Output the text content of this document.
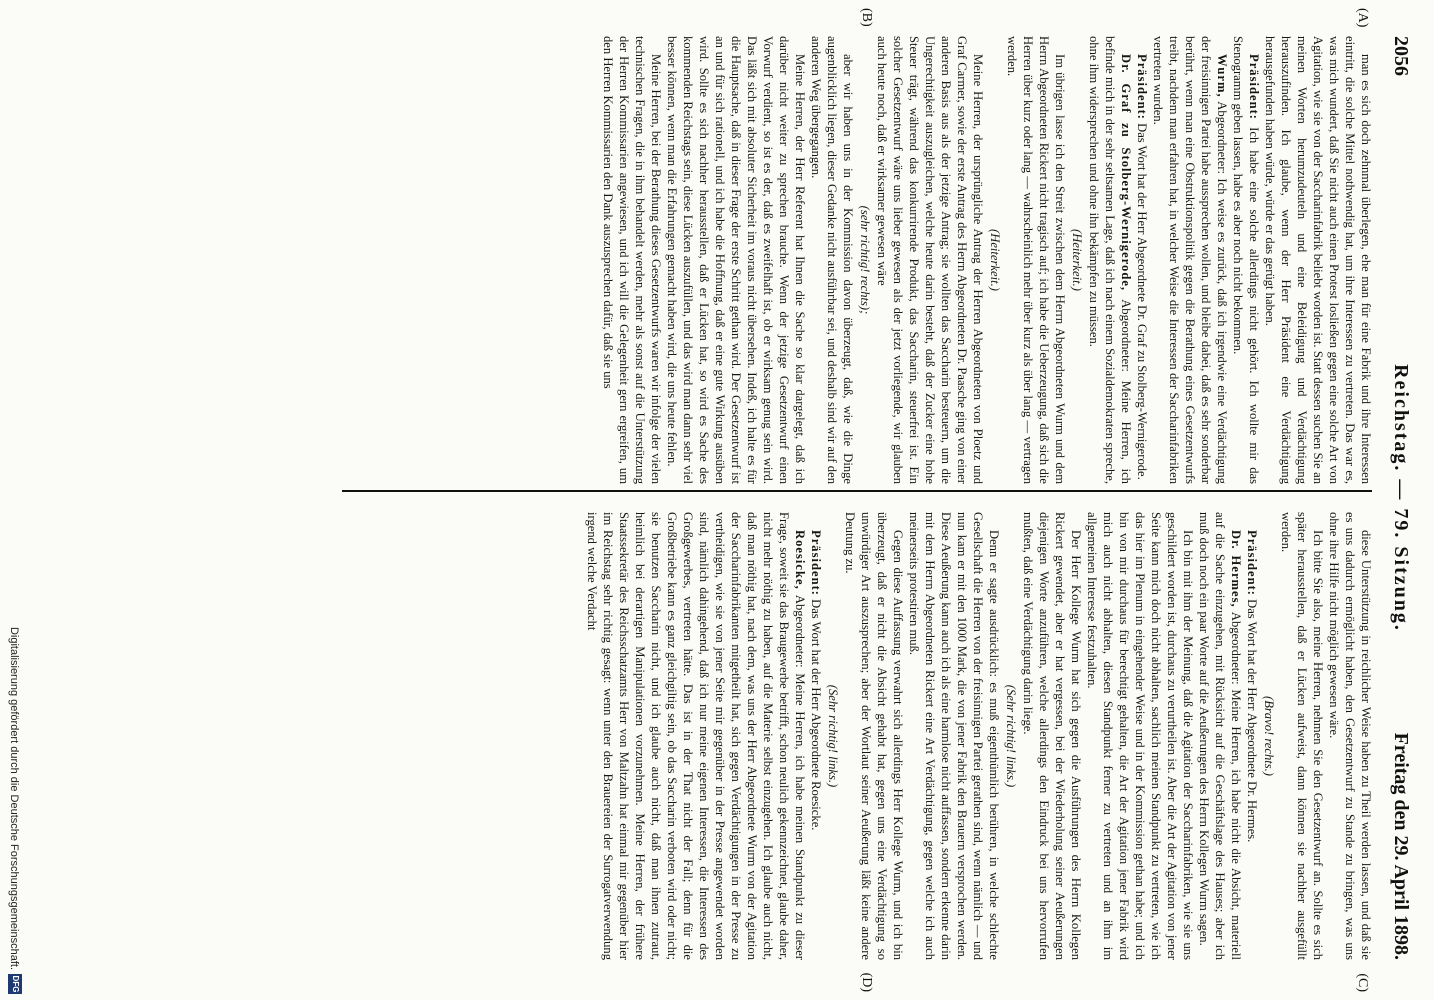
2056
Reichstag. — 79. Sitzung.
Freitag den 29. April 1898.
(A)
(B)
(C)
(D)

man es sich doch zehnmal überlegen, ehe man für eine Fabrik und ihre Interessen eintritt, die solche Mittel nothwendig hat, um ihre Interessen zu vertreten. Das war es, was mich wundert, daß Sie nicht auch einen Protest losließen gegen eine solche Art von Agitation, wie sie von der Saccharinfabrik beliebt worden ist. Statt dessen suchen Sie an meinen Worten herumzudeuteln und eine Beleidigung und Verdächtigung herauszufinden. Ich glaube, wenn der Herr Präsident eine Verdächtigung herausgefunden haben würde, würde er das gerügt haben.

Präsident: Ich habe eine solche allerdings nicht gehört. Ich wollte mir das Stenogramm geben lassen, habe es aber noch nicht bekommen.

Wurm, Abgeordneter: Ich weise es zurück, daß ich irgendwie eine Verdächtigung der freisinnigen Partei habe aussprechen wollen, und bleibe dabei, daß es sehr sonderbar berührt, wenn man eine Obstruktionspolitik gegen die Berathung eines Gesetzentwurfs treibt, nachdem man erfahren hat, in welcher Weise die Interessen der Saccharinfabriken vertreten wurden.

Präsident: Das Wort hat der Herr Abgeordnete Dr. Graf zu Stolberg-Wernigerode.

Dr. Graf zu Stolberg-Wernigerode, Abgeordneter: Meine Herren, ich befinde mich in der sehr seltsamen Lage, daß ich nach einem Sozialdemokraten spreche, ohne ihm widersprechen und ohne ihn bekämpfen zu müssen.

(Heiterkeit.)

Im übrigen lasse ich den Streit zwischen dem Herrn Abgeordneten Wurm und dem Herrn Abgeordneten Rickert nicht tragisch auf; ich habe die Ueberzeugung, daß sich die Herren über kurz oder lang — wahrscheinlich mehr über kurz als über lang — vertragen werden.

(Heiterkeit.)

Meine Herren, der ursprüngliche Antrag der Herren Abgeordneten von Ploetz und Graf Carmer, sowie der erste Antrag des Herrn Abgeordneten Dr. Paasche ging von einer anderen Basis aus als der jetzige Antrag; sie wollten das Saccharin besteuern, um die Ungerechtigkeit auszugleichen, welche heute darin besteht, daß der Zucker eine hohe Steuer trägt, während das konkurrirende Produkt, das Saccharin, steuerfrei ist. Ein solcher Gesetzentwurf wäre uns lieber gewesen als der jetzt vorliegende, wir glauben auch heute noch, daß er wirksamer gewesen wäre

(sehr richtig! rechts);

aber wir haben uns in der Kommission davon überzeugt, daß, wie die Dinge augenblicklich liegen, dieser Gedanke nicht ausführbar sei, und deshalb sind wir auf den anderen Weg übergegangen.

Meine Herren, der Herr Referent hat Ihnen die Sache so klar dargelegt, daß ich darüber nicht weiter zu sprechen brauche. Wenn der jetzige Gesetzentwurf einen Vorwurf verdient, so ist es der, daß es zweifelhaft ist, ob er wirksam genug sein wird. Das läßt sich mit absoluter Sicherheit im voraus nicht übersehen. Indeß, ich halte es für die Hauptsache, daß in dieser Frage der erste Schritt gethan wird. Der Gesetzentwurf ist an und für sich rationell, und ich habe die Hoffnung, daß er eine gute Wirkung ausüben wird. Sollte es sich nachher herausstellen, daß er Lücken hat, so wird es Sache des kommenden Reichstags sein, diese Lücken auszufüllen, und das wird man dann sehr viel besser können, wenn man die Erfahrungen gemacht haben wird, die uns heute fehlen.

Meine Herren, bei der Berathung dieses Gesetzentwurfs waren wir infolge der vielen technischen Fragen, die in ihm behandelt werden, mehr als sonst auf die Unterstützung der Herren Kommissarien angewiesen, und ich will die Gelegenheit gern ergreifen, um den Herren Kommissarien den Dank auszusprechen dafür, daß sie uns

diese Unterstützung in reichlicher Weise haben zu Theil werden lassen, und daß sie es uns dadurch ermöglicht haben, den Gesetzentwurf zu Stande zu bringen, was uns ohne ihre Hilfe nicht möglich gewesen wäre.

Ich bitte Sie also, meine Herren, nehmen Sie den Gesetzentwurf an. Sollte es sich später herausstellen, daß er Lücken aufweist, dann können sie nachher ausgefüllt werden.

(Bravo! rechts.)

Präsident: Das Wort hat der Herr Abgeordnete Dr. Hermes.

Dr. Hermes, Abgeordneter: Meine Herren, ich habe nicht die Absicht, materiell auf die Sache einzugehen, mit Rücksicht auf die Geschäftslage des Hauses; aber ich muß doch noch ein paar Worte auf die Aeußerungen des Herrn Kollegen Wurm sagen.

Ich bin mit ihm der Meinung, daß die Agitation der Saccharinfabriken, wie sie uns geschildert worden ist, durchaus zu verurtheilen ist. Aber die Art der Agitation von jener Seite kann mich doch nicht abhalten, sachlich meinen Standpunkt zu vertreten, wie ich das hier im Plenum in eingehender Weise und in der Kommission gethan habe; und ich bin von mir durchaus für berechtigt gehalten, die Art der Agitation jener Fabrik wird mich auch nicht abhalten, diesen Standpunkt ferner zu vertreten und an ihm im allgemeinen Interesse festzuhalten.

Der Herr Kollege Wurm hat sich gegen die Ausführungen des Herrn Kollegen Rickert gewendet, aber er hat vergessen, bei der Wiederholung seiner Aeußerungen diejenigen Worte anzuführen, welche allerdings den Eindruck bei uns hervorrufen mußten, daß eine Verdächtigung darin liege.

(Sehr richtig! links.)

Denn er sagte ausdrücklich: es muß eigenthümlich berühren, in welche schlechte Gesellschaft die Herren von der freisinnigen Partei gerathen sind, wenn nämlich — und nun kam er mit den 1000 Mark, die von jener Fabrik den Brauern versprochen werden. Diese Aeußerung kann auch ich als eine harmlose nicht auffassen, sondern erkenne darin mit dem Herrn Abgeordneten Rickert eine Art Verdächtigung, gegen welche ich auch meinerseits protestiren muß.

Gegen diese Auffassung verwahrt sich allerdings Herr Kollege Wurm, und ich bin überzeugt, daß er nicht die Absicht gehabt hat, gegen uns eine Verdächtigung so unwürdiger Art auszusprechen; aber der Wortlaut seiner Aeußerung läßt keine andere Deutung zu.

(Sehr richtig! links.)

Präsident: Das Wort hat der Herr Abgeordnete Roesicke.

Roesicke, Abgeordneter: Meine Herren, ich habe meinen Standpunkt zu dieser Frage, soweit sie das Braugewerbe betrifft, schon neulich gekennzeichnet, glaube daher, nicht mehr nöthig zu haben, auf die Materie selbst einzugehen. Ich glaube auch nicht, daß man nöthig hat, nach dem, was uns der Herr Abgeordnete Wurm von der Agitation der Saccharinfabrikanten mitgetheilt hat, sich gegen Verdächtigungen in der Presse zu vertheidigen, wie sie von jener Seite mir gegenüber in der Presse angewendet worden sind, nämlich dahingehend, daß ich nur meine eigenen Interessen, die Interessen des Großgewerbes, vertreten hätte. Das ist in der That nicht der Fall; denn für die Großbetriebe kann es ganz gleichgiltig sein, ob das Saccharin verboten wird oder nicht; sie benutzen Saccharin nicht, und ich glaube auch nicht, daß man ihnen zutraut, heimlich bei derartigen Manipulationen vorzunehmen. Meine Herren, der frühere Staatssekretär des Reichsschatzamts Herr von Maltzahn hat einmal mir gegenüber hier im Reichstag sehr richtig gesagt: wenn unter den Brauereien der Surrogatverwendung irgend welche Verdacht

Digitalisierung gefördert durch die Deutsche Forschungsgemeinschaft.
DFG
